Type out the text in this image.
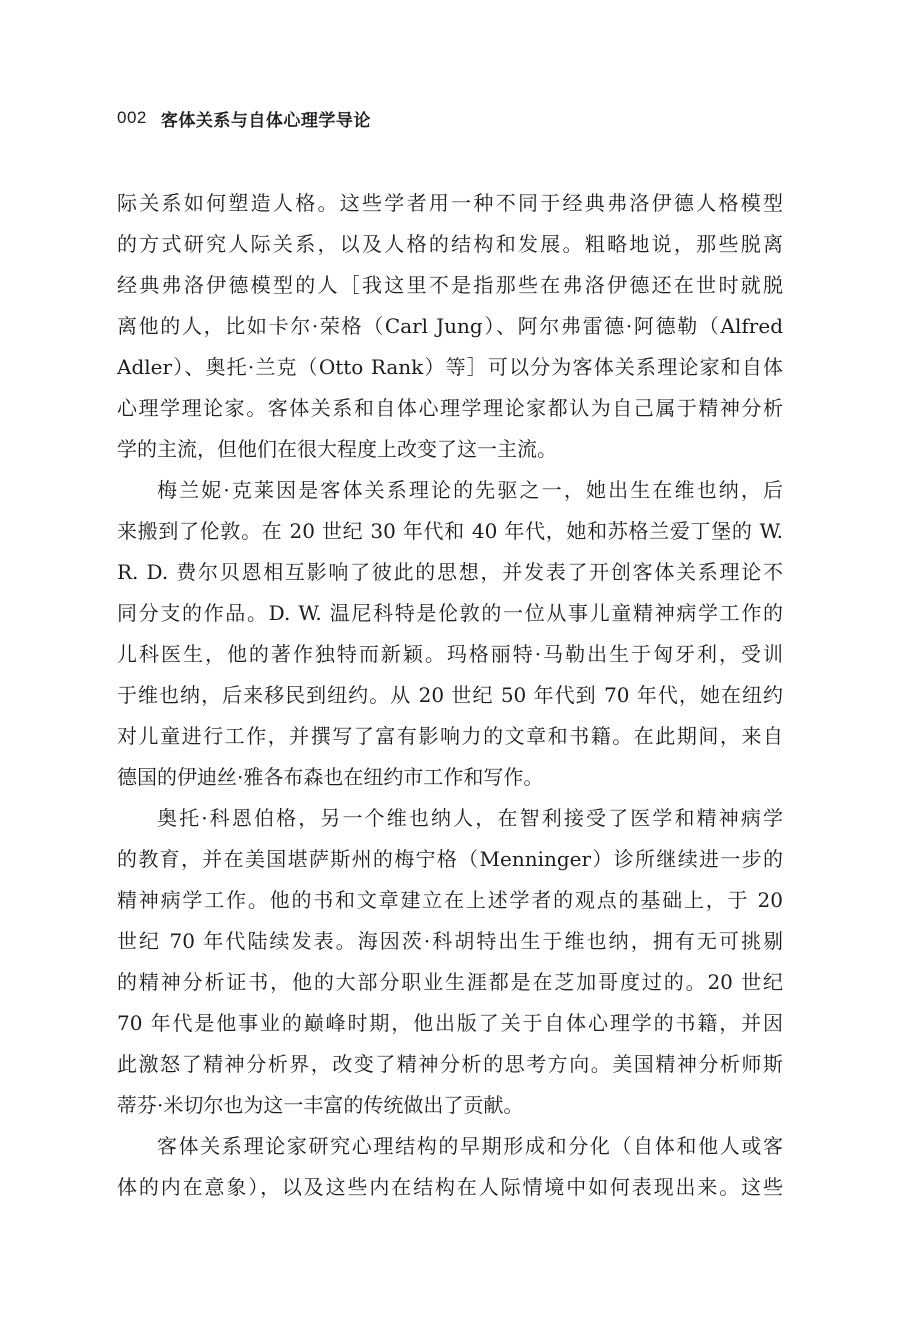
002 客体关系与自体心理学导论
际关系如何塑造人格。这些学者用一种不同于经典弗洛伊德人格模型
的方式研究人际关系，以及人格的结构和发展。粗略地说，那些脱离
经典弗洛伊德模型的人［我这里不是指那些在弗洛伊德还在世时就脱
离他的人，比如卡尔·荣格（Carl Jung）、阿尔弗雷德·阿德勒（Alfred
Adler）、奥托·兰克（Otto Rank）等］可以分为客体关系理论家和自体
心理学理论家。客体关系和自体心理学理论家都认为自己属于精神分析
学的主流，但他们在很大程度上改变了这一主流。
梅兰妮·克莱因是客体关系理论的先驱之一，她出生在维也纳，后
来搬到了伦敦。在 20 世纪 30 年代和 40 年代，她和苏格兰爱丁堡的 W.
R. D. 费尔贝恩相互影响了彼此的思想，并发表了开创客体关系理论不
同分支的作品。D. W. 温尼科特是伦敦的一位从事儿童精神病学工作的
儿科医生，他的著作独特而新颖。玛格丽特·马勒出生于匈牙利，受训
于维也纳，后来移民到纽约。从 20 世纪 50 年代到 70 年代，她在纽约
对儿童进行工作，并撰写了富有影响力的文章和书籍。在此期间，来自
德国的伊迪丝·雅各布森也在纽约市工作和写作。
奥托·科恩伯格，另一个维也纳人，在智利接受了医学和精神病学
的教育，并在美国堪萨斯州的梅宁格（Menninger）诊所继续进一步的
精神病学工作。他的书和文章建立在上述学者的观点的基础上，于 20
世纪 70 年代陆续发表。海因茨·科胡特出生于维也纳，拥有无可挑剔
的精神分析证书，他的大部分职业生涯都是在芝加哥度过的。20 世纪
70 年代是他事业的巅峰时期，他出版了关于自体心理学的书籍，并因
此激怒了精神分析界，改变了精神分析的思考方向。美国精神分析师斯
蒂芬·米切尔也为这一丰富的传统做出了贡献。
客体关系理论家研究心理结构的早期形成和分化（自体和他人或客
体的内在意象），以及这些内在结构在人际情境中如何表现出来。这些
